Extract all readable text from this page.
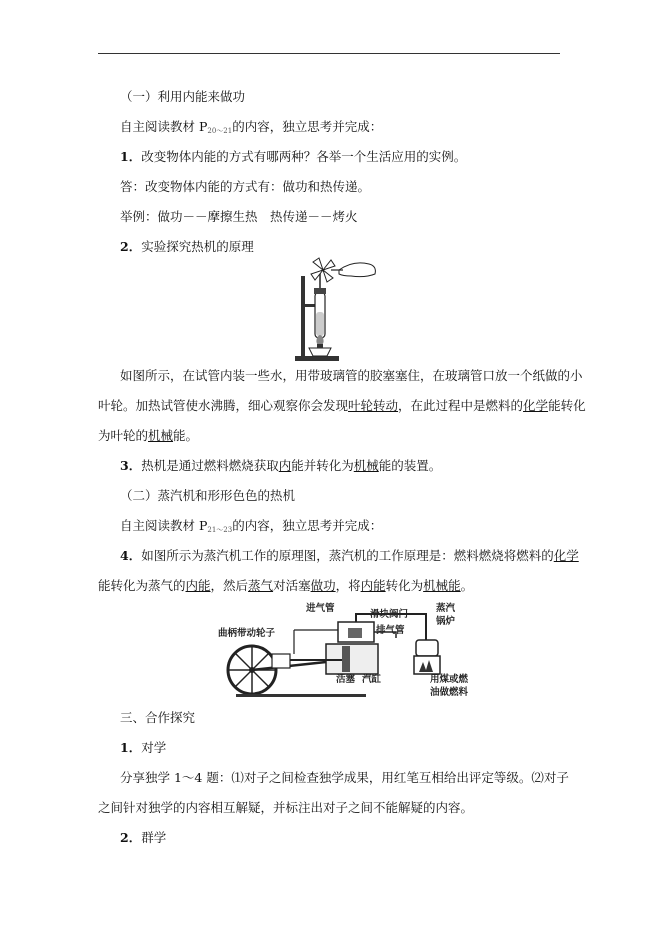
（一）利用内能来做功
自主阅读教材 $P_{20\sim 21}$的内容，独立思考并完成：
1．改变物体内能的方式有哪两种？各举一个生活应用的实例。
答：改变物体内能的方式有：做功和热传递。
举例：做功－－摩擦生热　热传递－－烤火
2．实验探究热机的原理
如图所示，在试管内装一些水，用带玻璃管的胶塞塞住，在玻璃管口放一个纸做的小
叶轮。加热试管使水沸腾，细心观察你会发现叶轮转动，在此过程中是燃料的化学能转化
为叶轮的机械能。
3．热机是通过燃料燃烧获取内能并转化为机械能的装置。
（二）蒸汽机和形形色色的热机
自主阅读教材 $P_{21\sim 23}$的内容，独立思考并完成：
4．如图所示为蒸汽机工作的原理图，蒸汽机的工作原理是：燃料燃烧将燃料的化学
能转化为蒸气的内能，然后蒸气对活塞做功，将内能转化为机械能。
进气管
滑块阀门
蒸汽
锅炉
曲柄带动轮子	排气管
活塞 汽缸	用煤或燃
油做燃料
三、合作探究
1．对学
分享独学 1～4 题：⑴对子之间检查独学成果，用红笔互相给出评定等级。⑵对子
之间针对独学的内容相互解疑，并标注出对子之间不能解疑的内容。
2．群学
